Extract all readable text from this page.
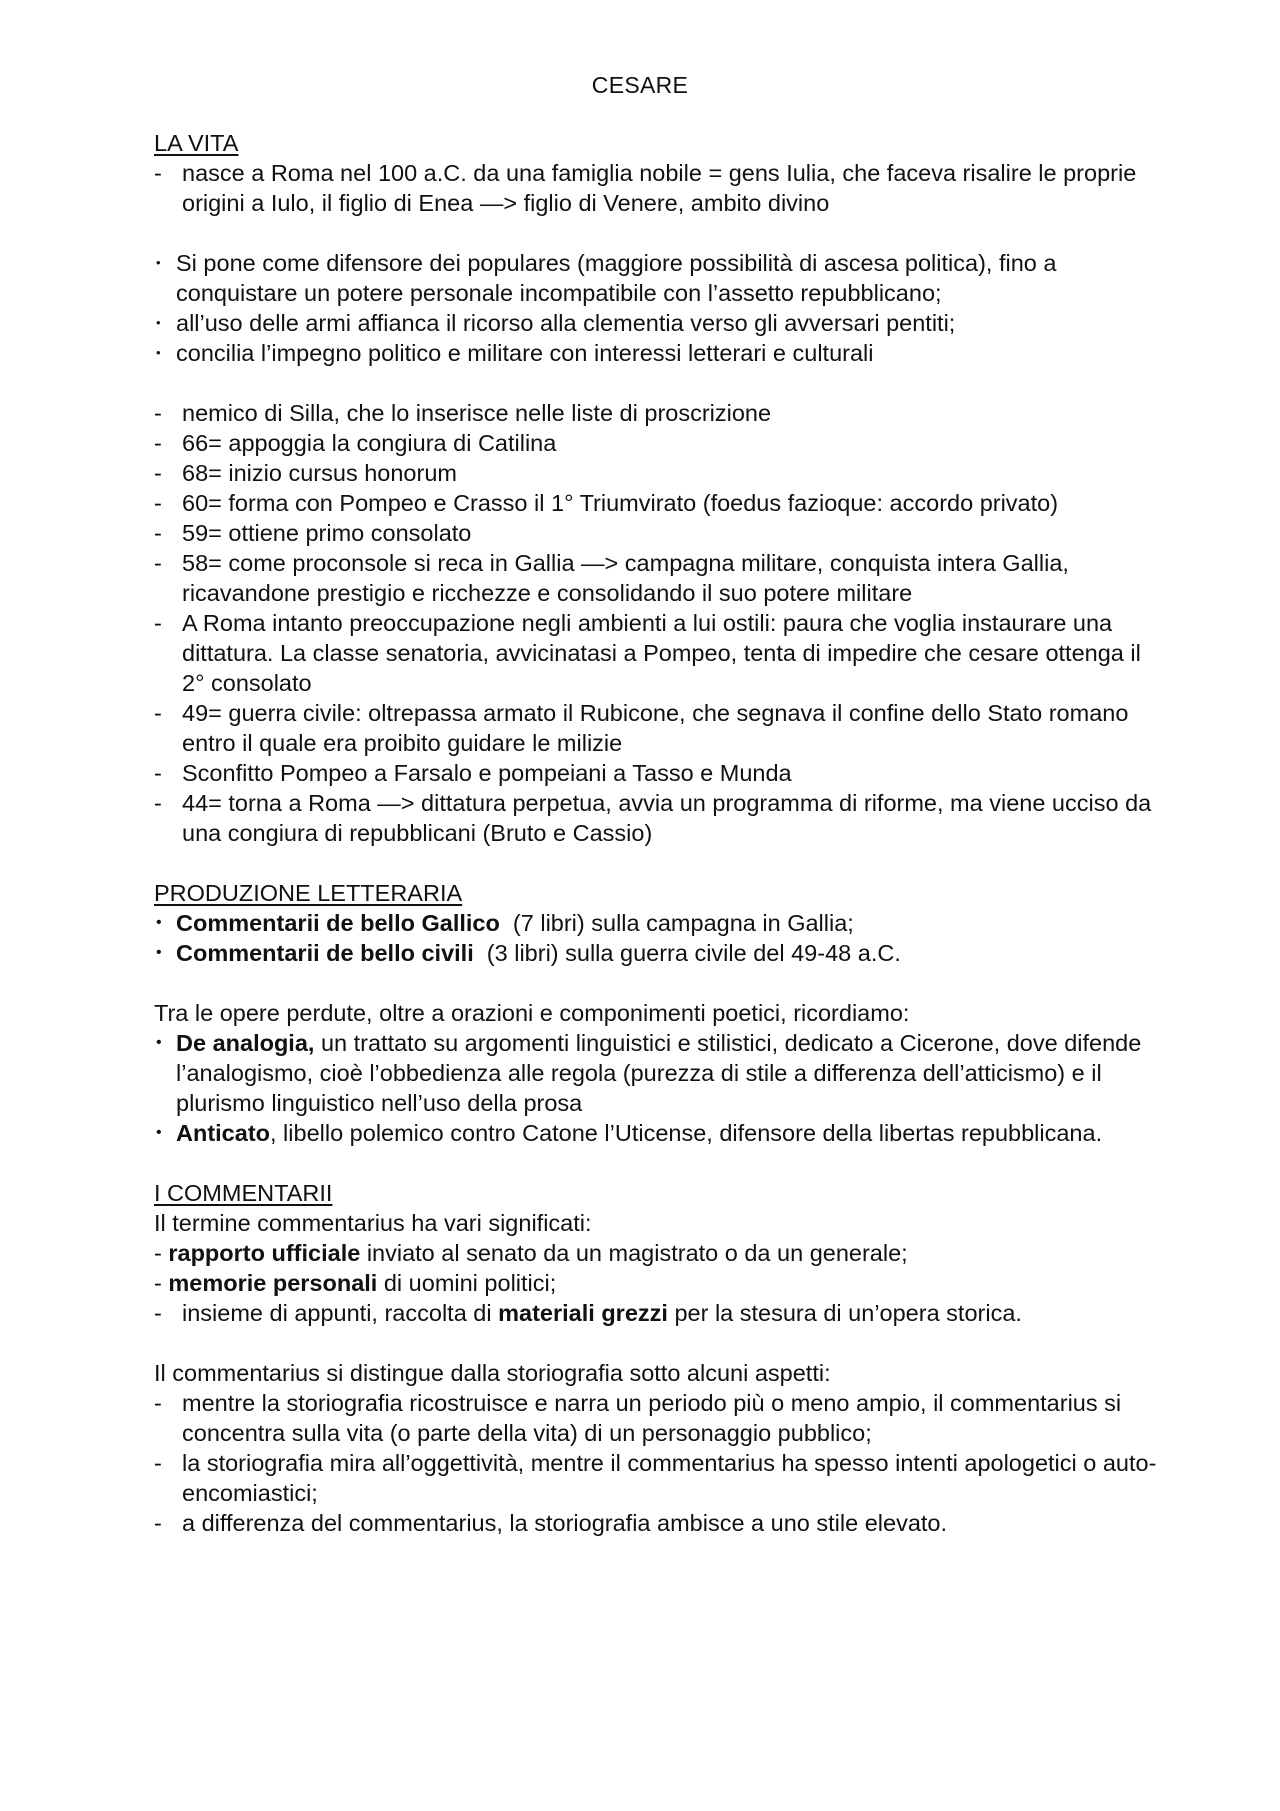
CESARE
LA VITA
- nasce a Roma nel 100 a.C. da una famiglia nobile = gens Iulia, che faceva risalire le proprie origini a Iulo, il figlio di Enea —> figlio di Venere, ambito divino
• Si pone come difensore dei populares (maggiore possibilità di ascesa politica), fino a conquistare un potere personale incompatibile con l’assetto repubblicano;
• all’uso delle armi affianca il ricorso alla clementia verso gli avversari pentiti;
• concilia l’impegno politico e militare con interessi letterari e culturali
- nemico di Silla, che lo inserisce nelle liste di proscrizione
- 66= appoggia la congiura di Catilina
- 68= inizio cursus honorum
- 60= forma con Pompeo e Crasso il 1° Triumvirato (foedus fazioque: accordo privato)
- 59= ottiene primo consolato
- 58= come proconsole si reca in Gallia —> campagna militare, conquista intera Gallia, ricavandone prestigio e ricchezze e consolidando il suo potere militare
- A Roma intanto preoccupazione negli ambienti a lui ostili: paura che voglia instaurare una dittatura. La classe senatoria, avvicinatasi a Pompeo, tenta di impedire che cesare ottenga il 2° consolato
- 49= guerra civile: oltrepassa armato il Rubicone, che segnava il confine dello Stato romano entro il quale era proibito guidare le milizie
- Sconfitto Pompeo a Farsalo e pompeiani a Tasso e Munda
- 44= torna a Roma —> dittatura perpetua, avvia un programma di riforme, ma viene ucciso da una congiura di repubblicani (Bruto e Cassio)
PRODUZIONE LETTERARIA
• Commentarii de bello Gallico  (7 libri) sulla campagna in Gallia;
• Commentarii de bello civili  (3 libri) sulla guerra civile del 49-48 a.C.
Tra le opere perdute, oltre a orazioni e componimenti poetici, ricordiamo:
• De analogia, un trattato su argomenti linguistici e stilistici, dedicato a Cicerone, dove difende l’analogismo, cioè l’obbedienza alle regola (purezza di stile a differenza dell’atticismo) e il plurismo linguistico nell’uso della prosa
• Anticato, libello polemico contro Catone l’Uticense, difensore della libertas repubblicana.
I COMMENTARII
Il termine commentarius ha vari significati:
- rapporto ufficiale inviato al senato da un magistrato o da un generale;
- memorie personali di uomini politici;
- insieme di appunti, raccolta di materiali grezzi per la stesura di un’opera storica.
Il commentarius si distingue dalla storiografia sotto alcuni aspetti:
- mentre la storiografia ricostruisce e narra un periodo più o meno ampio, il commentarius si concentra sulla vita (o parte della vita) di un personaggio pubblico;
- la storiografia mira all’oggettività, mentre il commentarius ha spesso intenti apologetici o auto-encomiastici;
- a differenza del commentarius, la storiografia ambisce a uno stile elevato.
